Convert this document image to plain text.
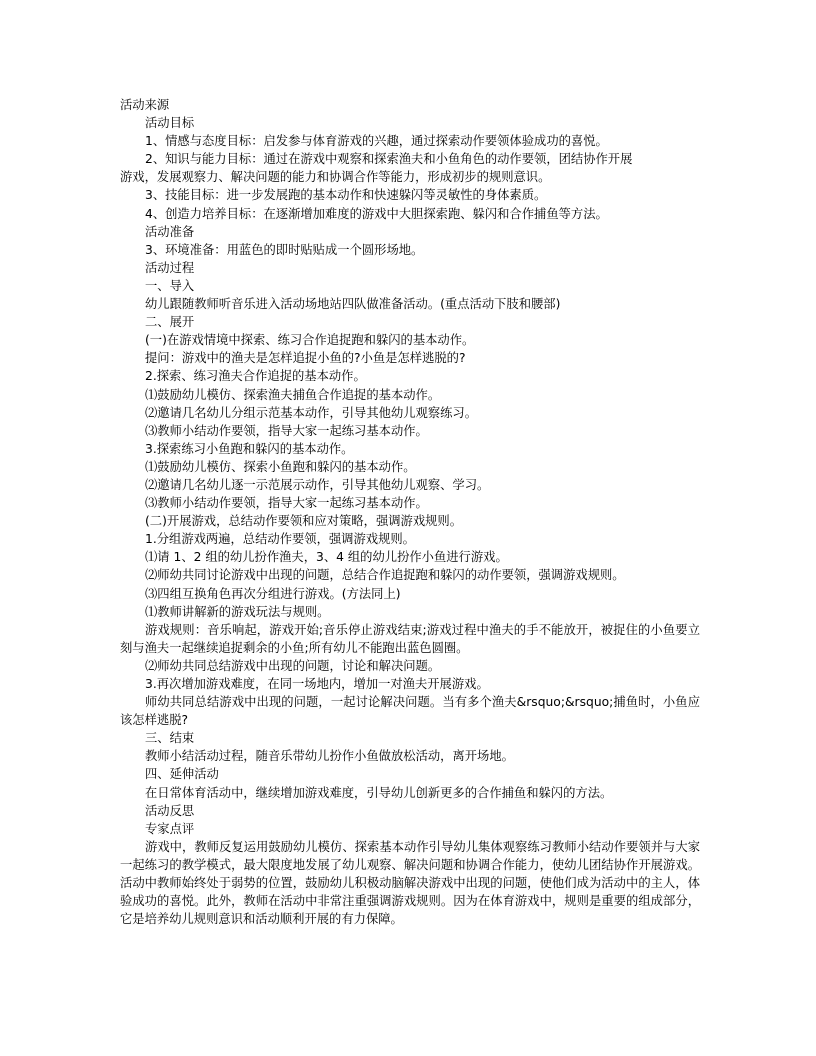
活动来源

活动目标

1、情感与态度目标：启发参与体育游戏的兴趣，通过探索动作要领体验成功的喜悦。

2、知识与能力目标：通过在游戏中观察和探索渔夫和小鱼角色的动作要领，团结协作开展

游戏，发展观察力、解决问题的能力和协调合作等能力，形成初步的规则意识。

3、技能目标：进一步发展跑的基本动作和快速躲闪等灵敏性的身体素质。

4、创造力培养目标：在逐渐增加难度的游戏中大胆探索跑、躲闪和合作捕鱼等方法。

活动准备

3、环境准备：用蓝色的即时贴贴成一个圆形场地。

活动过程

一、导入

幼儿跟随教师听音乐进入活动场地站四队做准备活动。(重点活动下肢和腰部)

二、展开

(一)在游戏情境中探索、练习合作追捉跑和躲闪的基本动作。

提问：游戏中的渔夫是怎样追捉小鱼的?小鱼是怎样逃脱的?

2.探索、练习渔夫合作追捉的基本动作。

⑴鼓励幼儿模仿、探索渔夫捕鱼合作追捉的基本动作。

⑵邀请几名幼儿分组示范基本动作，引导其他幼儿观察练习。

⑶教师小结动作要领，指导大家一起练习基本动作。

3.探索练习小鱼跑和躲闪的基本动作。

⑴鼓励幼儿模仿、探索小鱼跑和躲闪的基本动作。

⑵邀请几名幼儿逐一示范展示动作，引导其他幼儿观察、学习。

⑶教师小结动作要领，指导大家一起练习基本动作。

(二)开展游戏，总结动作要领和应对策略，强调游戏规则。

1.分组游戏两遍，总结动作要领，强调游戏规则。

⑴请 1、2 组的幼儿扮作渔夫，3、4 组的幼儿扮作小鱼进行游戏。

⑵师幼共同讨论游戏中出现的问题，总结合作追捉跑和躲闪的动作要领，强调游戏规则。

⑶四组互换角色再次分组进行游戏。(方法同上)

⑴教师讲解新的游戏玩法与规则。

游戏规则：音乐响起，游戏开始;音乐停止游戏结束;游戏过程中渔夫的手不能放开，被捉住的小鱼要立刻与渔夫一起继续追捉剩余的小鱼;所有幼儿不能跑出蓝色圆圈。

⑵师幼共同总结游戏中出现的问题，讨论和解决问题。

3.再次增加游戏难度，在同一场地内，增加一对渔夫开展游戏。

师幼共同总结游戏中出现的问题，一起讨论解决问题。当有多个渔夫&rsquo;&rsquo;捕鱼时，小鱼应该怎样逃脱?

三、结束

教师小结活动过程，随音乐带幼儿扮作小鱼做放松活动，离开场地。

四、延伸活动

在日常体育活动中，继续增加游戏难度，引导幼儿创新更多的合作捕鱼和躲闪的方法。

活动反思

专家点评

游戏中，教师反复运用鼓励幼儿模仿、探索基本动作引导幼儿集体观察练习教师小结动作要领并与大家一起练习的教学模式，最大限度地发展了幼儿观察、解决问题和协调合作能力，使幼儿团结协作开展游戏。活动中教师始终处于弱势的位置，鼓励幼儿积极动脑解决游戏中出现的问题，使他们成为活动中的主人，体验成功的喜悦。此外，教师在活动中非常注重强调游戏规则。因为在体育游戏中，规则是重要的组成部分，它是培养幼儿规则意识和活动顺利开展的有力保障。
